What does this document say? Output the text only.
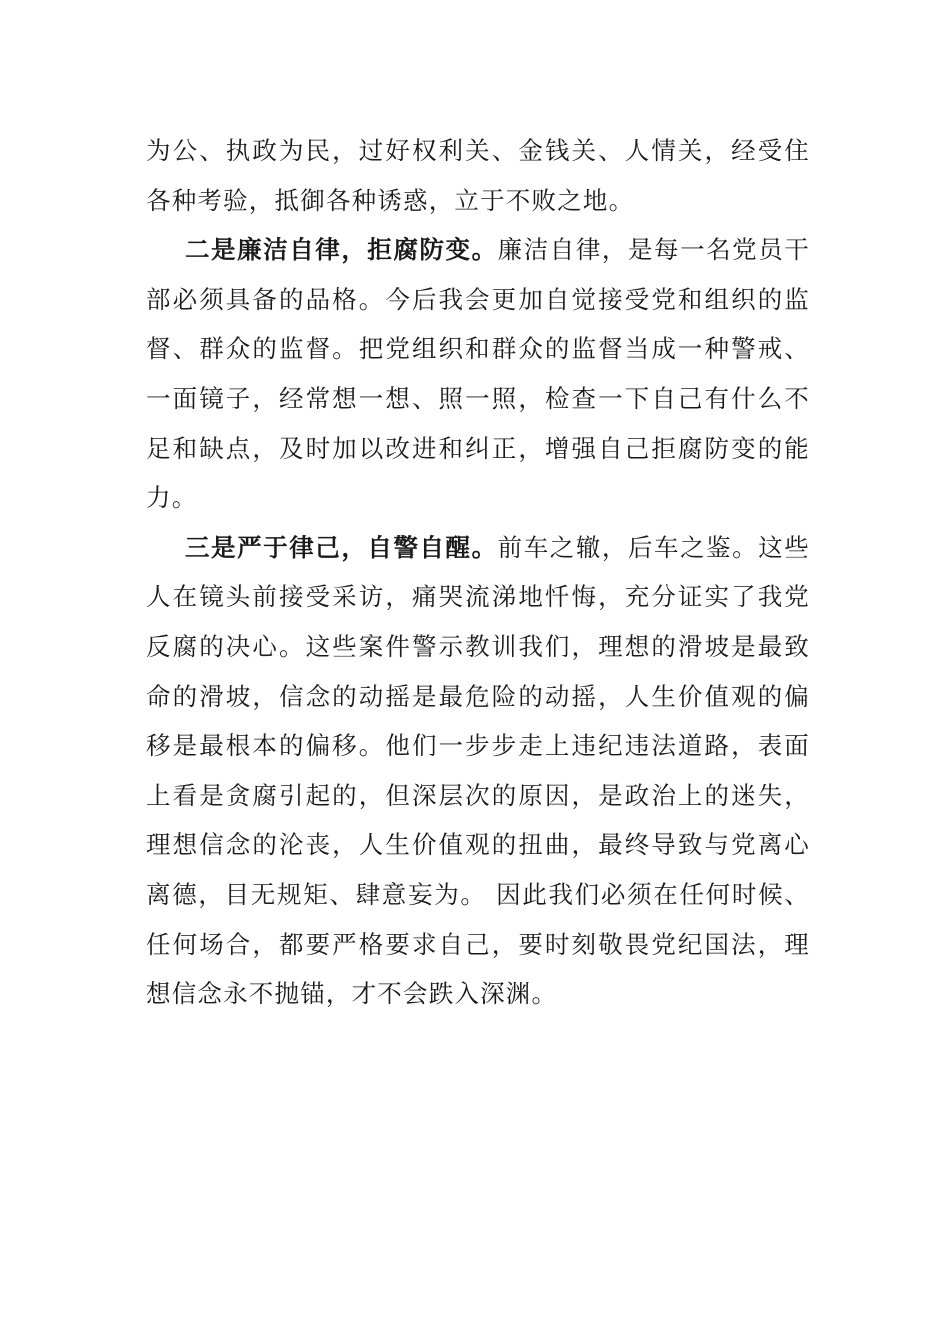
为公、执政为民，过好权利关、金钱关、人情关，经受住各种考验，抵御各种诱惑，立于不败之地。

二是廉洁自律，拒腐防变。廉洁自律，是每一名党员干部必须具备的品格。今后我会更加自觉接受党和组织的监督、群众的监督。把党组织和群众的监督当成一种警戒、一面镜子，经常想一想、照一照，检查一下自己有什么不足和缺点，及时加以改进和纠正，增强自己拒腐防变的能力。

三是严于律己，自警自醒。前车之辙，后车之鉴。这些人在镜头前接受采访，痛哭流涕地忏悔，充分证实了我党反腐的决心。这些案件警示教训我们，理想的滑坡是最致命的滑坡，信念的动摇是最危险的动摇，人生价值观的偏移是最根本的偏移。他们一步步走上违纪违法道路，表面上看是贪腐引起的，但深层次的原因，是政治上的迷失，理想信念的沦丧，人生价值观的扭曲，最终导致与党离心离德，目无规矩、肆意妄为。 因此我们必须在任何时候、任何场合，都要严格要求自己，要时刻敬畏党纪国法，理想信念永不抛锚，才不会跌入深渊。
